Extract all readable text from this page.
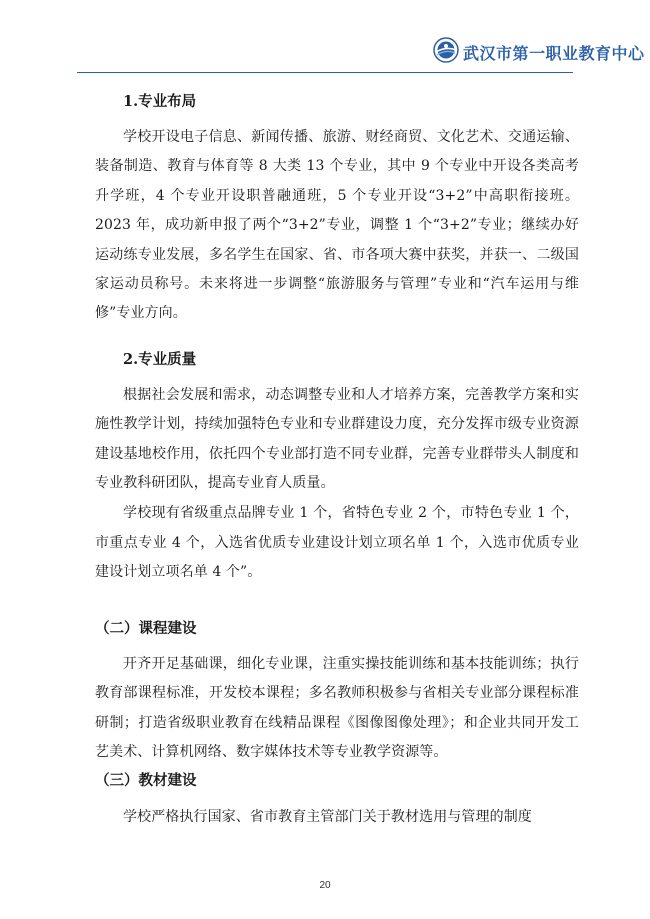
武汉市第一职业教育中心

1.专业布局

学校开设电子信息、新闻传播、旅游、财经商贸、文化艺术、交通运输、装备制造、教育与体育等 8 大类 13 个专业，其中 9 个专业中开设各类高考升学班，4 个专业开设职普融通班，5 个专业开设“3+2”中高职衔接班。2023 年，成功新申报了两个“3+2”专业，调整 1 个“3+2”专业；继续办好运动练专业发展，多名学生在国家、省、市各项大赛中获奖，并获一、二级国家运动员称号。未来将进一步调整“旅游服务与管理”专业和“汽车运用与维修”专业方向。

2.专业质量

根据社会发展和需求，动态调整专业和人才培养方案，完善教学方案和实施性教学计划，持续加强特色专业和专业群建设力度，充分发挥市级专业资源建设基地校作用，依托四个专业部打造不同专业群，完善专业群带头人制度和专业教科研团队，提高专业育人质量。

学校现有省级重点品牌专业 1 个，省特色专业 2 个，市特色专业 1 个，市重点专业 4 个，入选省优质专业建设计划立项名单 1 个，入选市优质专业建设计划立项名单 4 个”。

（二）课程建设

开齐开足基础课，细化专业课，注重实操技能训练和基本技能训练；执行教育部课程标准，开发校本课程；多名教师积极参与省相关专业部分课程标准研制；打造省级职业教育在线精品课程《图像图像处理》；和企业共同开发工艺美术、计算机网络、数字媒体技术等专业教学资源等。

（三）教材建设

学校严格执行国家、省市教育主管部门关于教材选用与管理的制度

20
